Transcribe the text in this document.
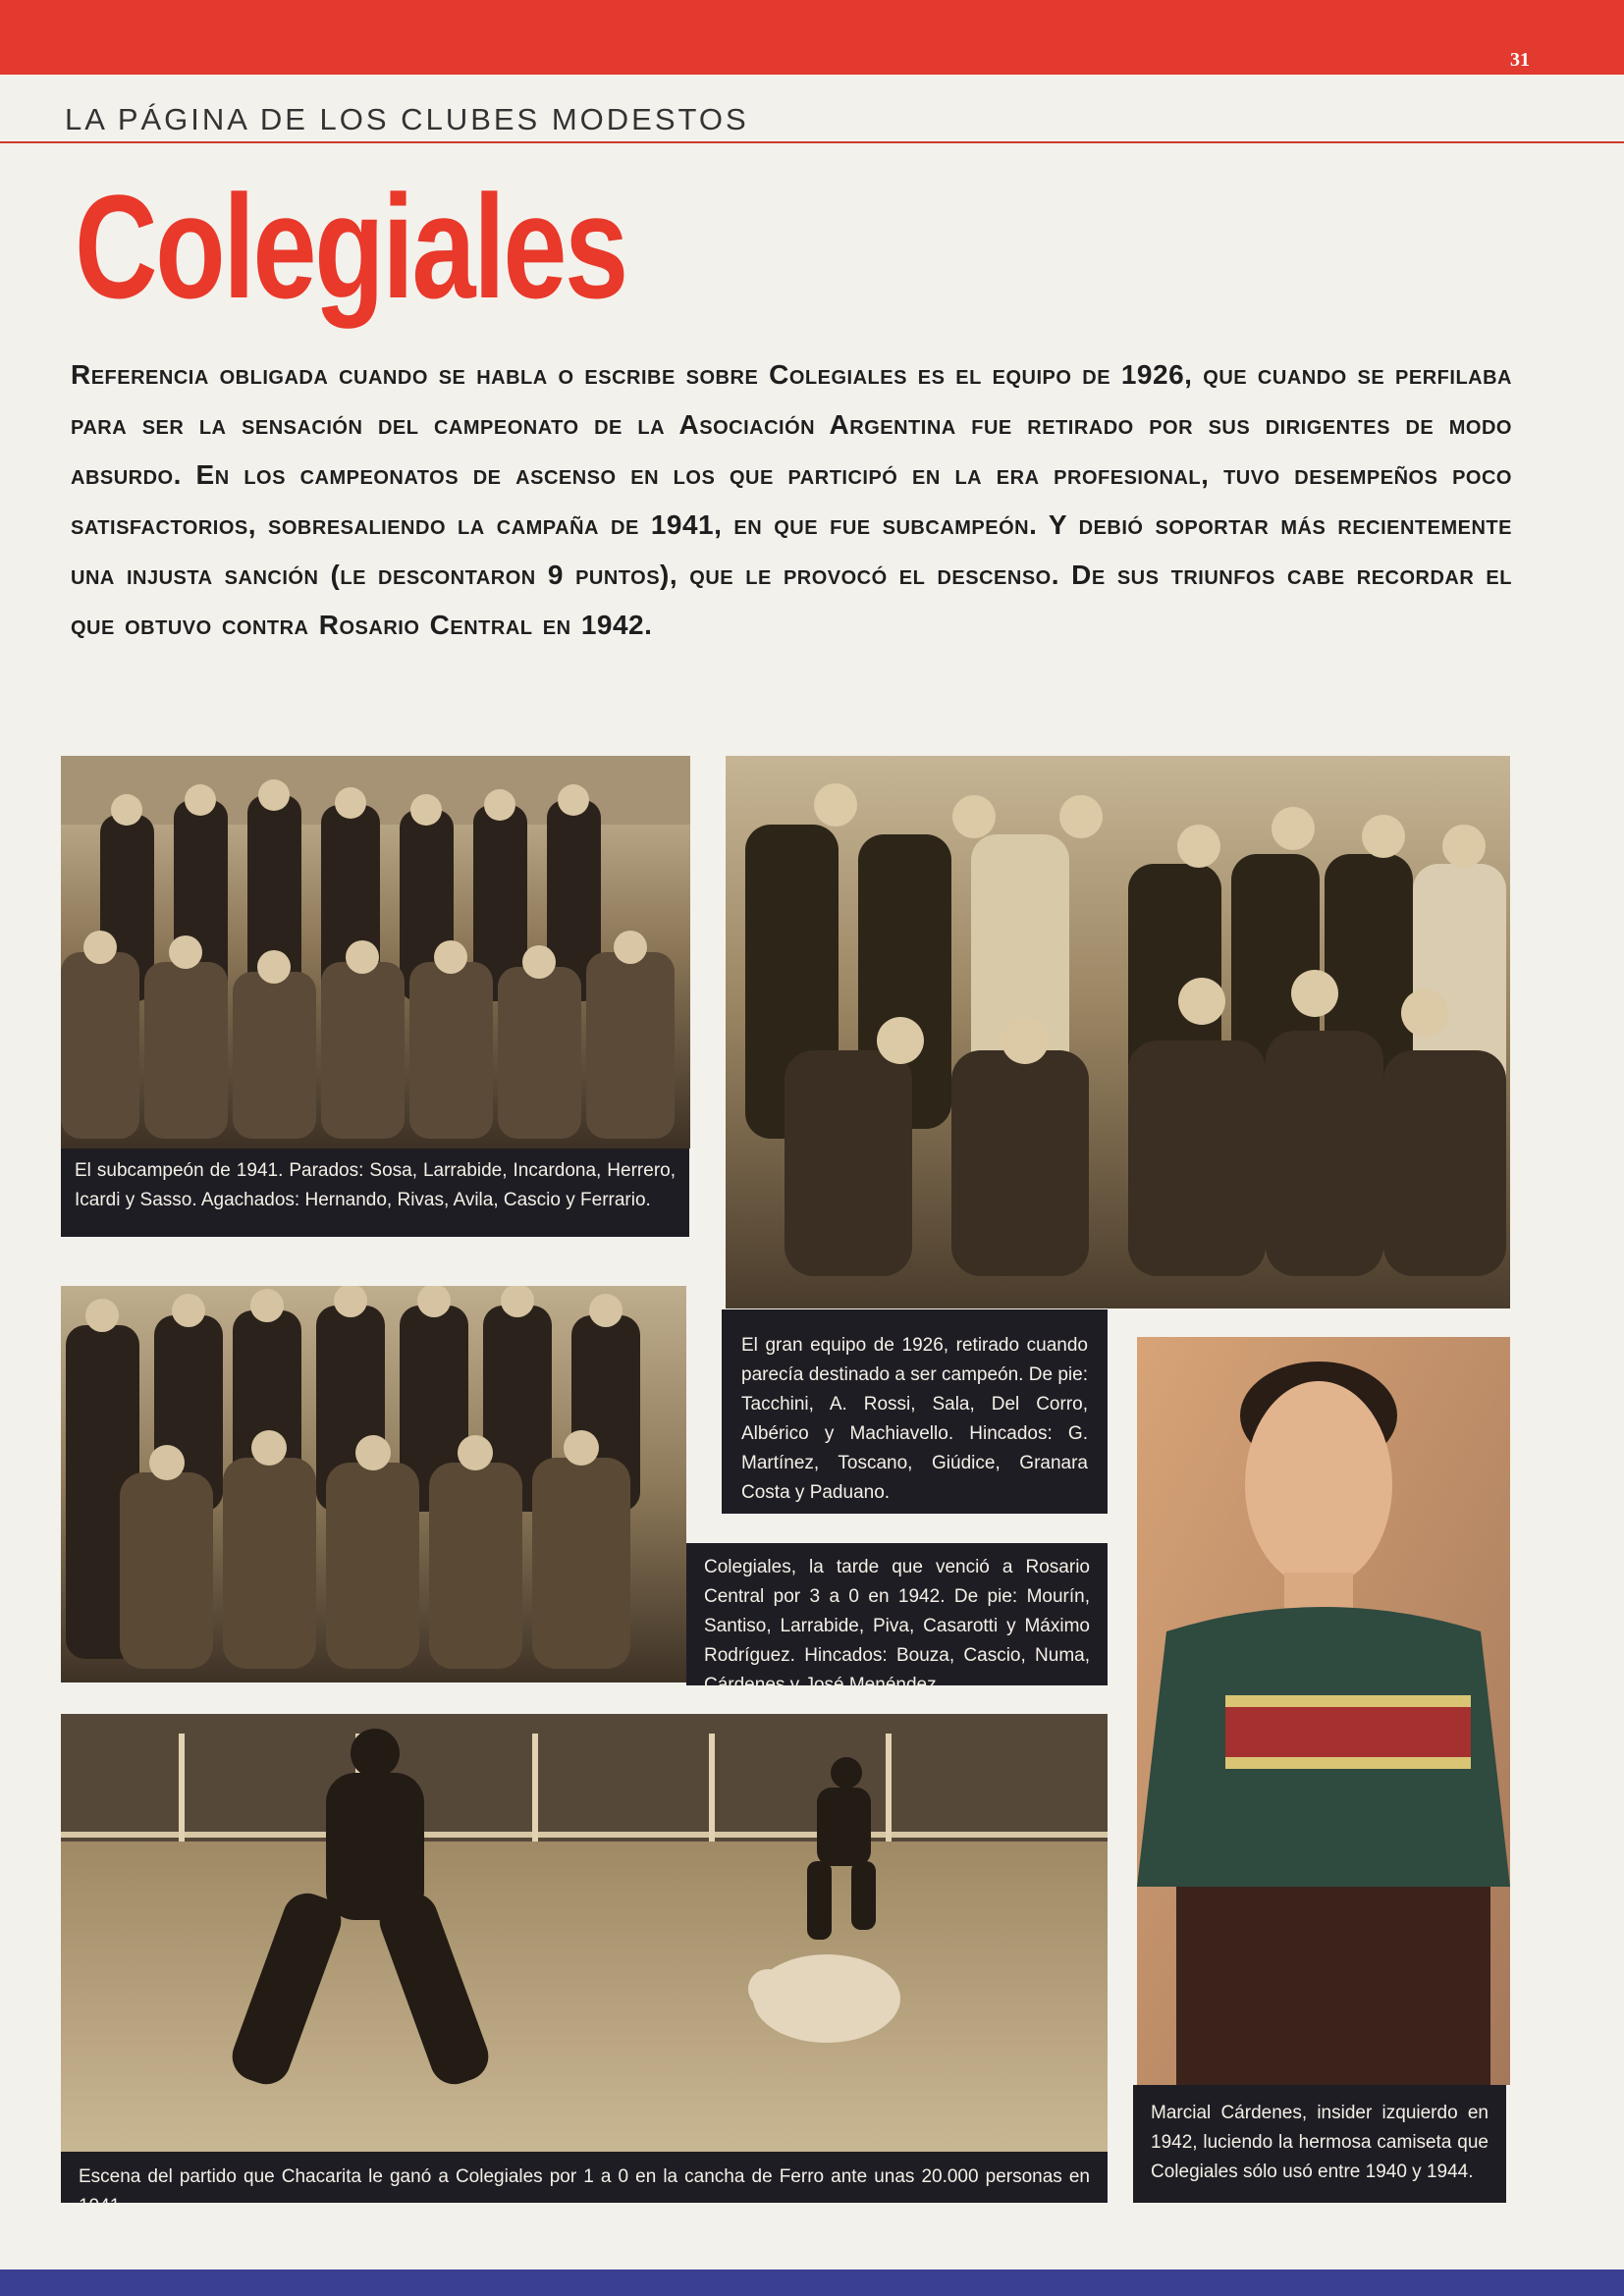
31
LA PÁGINA DE LOS CLUBES MODESTOS
Colegiales
Referencia obligada cuando se habla o escribe sobre Colegiales es el equipo de 1926, que cuando se perfilaba para ser la sensación del campeonato de la Asociación Argentina fue retirado por sus dirigentes de modo absurdo. En los campeonatos de ascenso en los que participó en la era profesional, tuvo desempeños poco satisfactorios, sobresaliendo la campaña de 1941, en que fue subcampeón. Y debió soportar más recientemente una injusta sanción (le descontaron 9 puntos), que le provocó el descenso. De sus triunfos cabe recordar el que obtuvo contra Rosario Central en 1942.
El subcampeón de 1941. Parados: Sosa, Larrabide, Incardona, Herrero, Icardi y Sasso. Agachados: Hernando, Rivas, Avila, Cascio y Ferrario.
El gran equipo de 1926, retirado cuando parecía destinado a ser campeón. De pie: Tacchini, A. Rossi, Sala, Del Corro, Albérico y Machiavello. Hincados: G. Martínez, Toscano, Giúdice, Granara Costa y Paduano.
Colegiales, la tarde que venció a Rosario Central por 3 a 0 en 1942. De pie: Mourín, Santiso, Larrabide, Piva, Casarotti y Máximo Rodríguez. Hincados: Bouza, Cascio, Numa, Cárdenes y José Menéndez.
Escena del partido que Chacarita le ganó a Colegiales por 1 a 0 en la cancha de Ferro ante unas 20.000 personas en 1941.
Marcial Cárdenes, insider izquierdo en 1942, luciendo la hermosa camiseta que Colegiales sólo usó entre 1940 y 1944.
